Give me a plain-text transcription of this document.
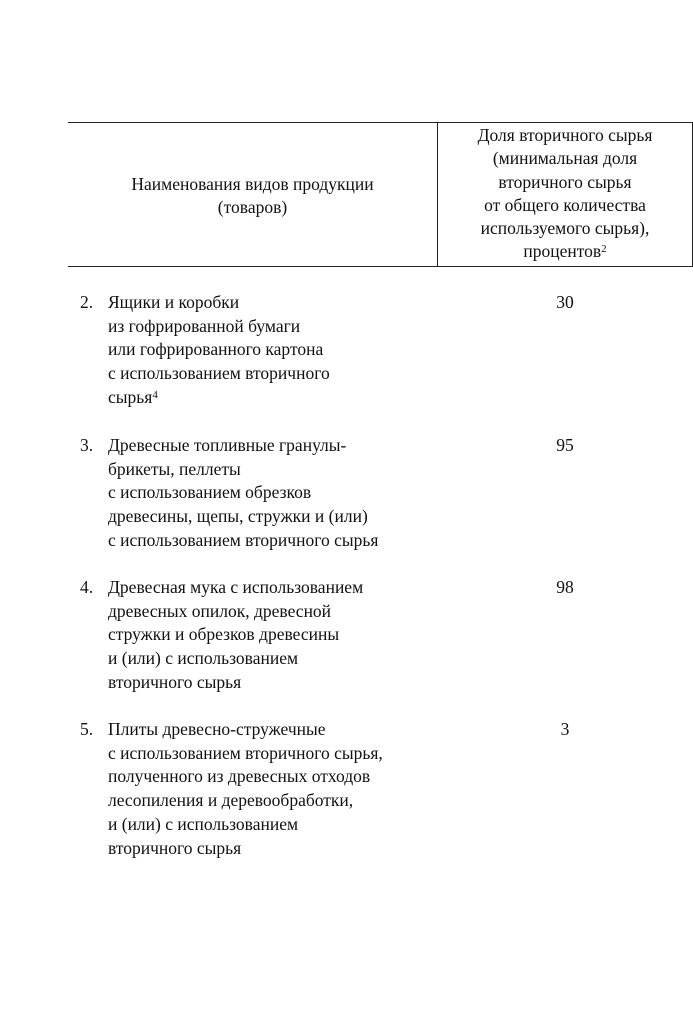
Наименования видов продукции
(товаров)
Доля вторичного сырья
(минимальная доля
вторичного сырья
от общего количества
используемого сырья),
процентов$^2$
2. Ящики и коробки
из гофрированной бумаги
или гофрированного картона
с использованием вторичного
сырья$^4$
30
3. Древесные топливные гранулы-
брикеты, пеллеты
с использованием обрезков
древесины, щепы, стружки и (или)
с использованием вторичного сырья
95
4. Древесная мука с использованием
древесных опилок, древесной
стружки и обрезков древесины
и (или) с использованием
вторичного сырья
98
5. Плиты древесно-стружечные
с использованием вторичного сырья,
полученного из древесных отходов
лесопиления и деревообработки,
и (или) с использованием
вторичного сырья
3
